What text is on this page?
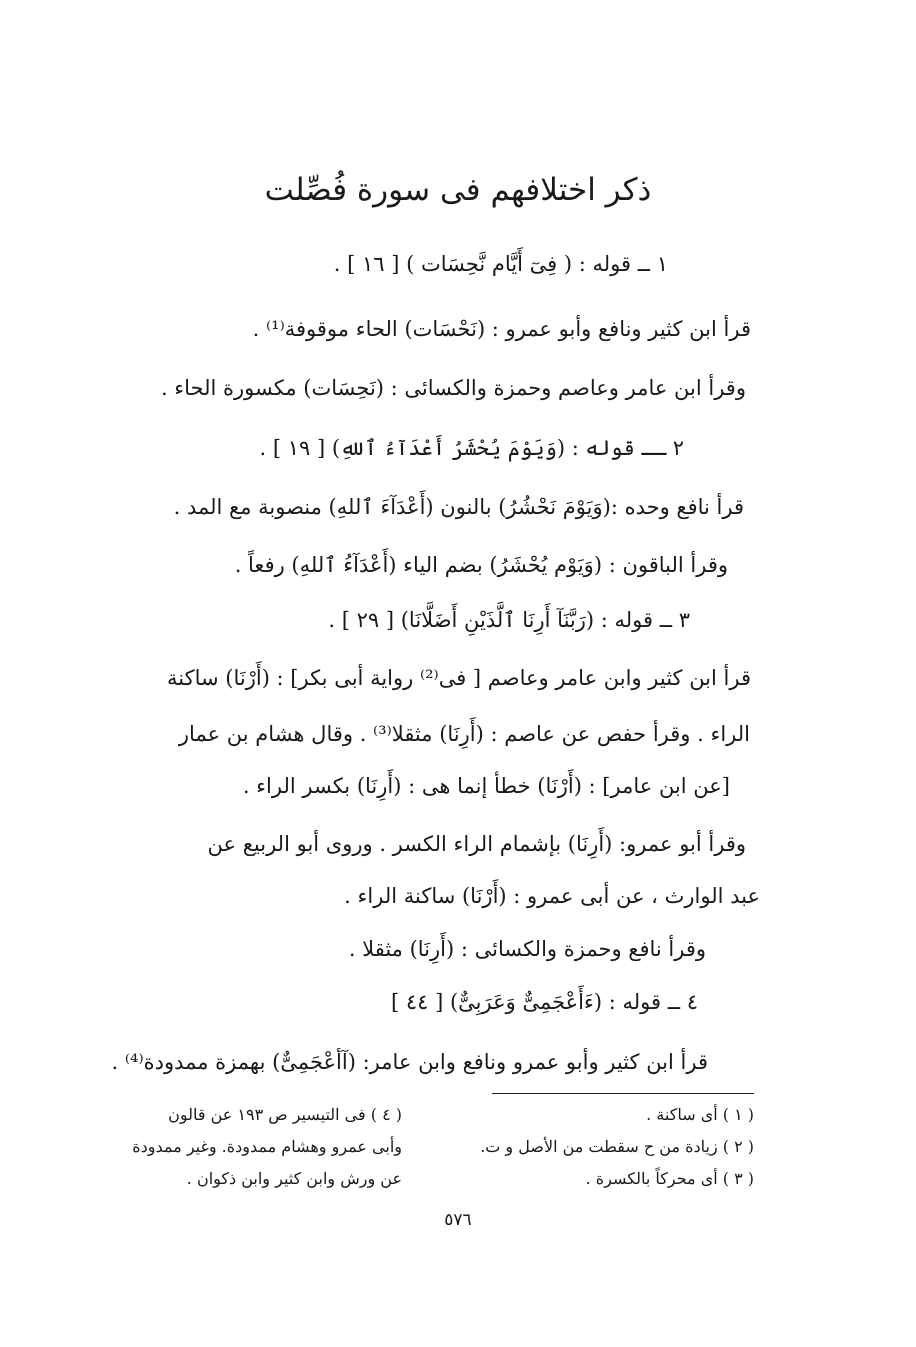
ذكر اختلافهم فى سورة فُصِّلت
١ ــ قوله : ( فِىٓ أَيَّام نَّحِسَات ) [ ١٦ ] .
قرأ ابن كثير ونافع وأبو عمرو : (نَحْسَات) الحاء موقوفة⁽¹⁾ .
وقرأ ابن عامر وعاصم وحمزة والكسائى : (نَحِسَات) مكسورة الحاء .
٢ ــ قوله : (وَيَوْمَ يُحْشَرُ أَعْدَآءُ ٱللهِ) [ ١٩ ] .
قرأ نافع وحده :(وَيَوْمَ نَحْشُرُ) بالنون (أَعْدَآءَ ٱللهِ) منصوبة مع المد .
وقرأ الباقون : (وَيَوْم يُحْشَرُ) بضم الياء (أَعْدَآءُ ٱللهِ) رفعاً .
٣ ــ قوله : (رَبَّنَآ أَرِنَا ٱلَّذَيْنِ أَضَلَّانَا) [ ٢٩ ] .
قرأ ابن كثير وابن عامر وعاصم [ فى⁽²⁾ رواية أبى بكر] : (أَرْنَا) ساكنة
الراء . وقرأ حفص عن عاصم : (أَرِنَا) مثقلا⁽³⁾ . وقال هشام بن عمار
[عن ابن عامر] : (أَرْنَا) خطأ إنما هى : (أَرِنَا) بكسر الراء .
وقرأ أبو عمرو: (أَرِنَا) بإشمام الراء الكسر . وروى أبو الربيع عن
عبد الوارث ، عن أبى عمرو : (أَرْنَا) ساكنة الراء .
وقرأ نافع وحمزة والكسائى : (أَرِنَا) مثقلا .
٤ ــ قوله : (ءَأَعْجَمِىٌّ وَعَرَبِىٌّ) [ ٤٤ ]
قرأ ابن كثير وأبو عمرو ونافع وابن عامر: (آأعْجَمِىٌّ) بهمزة ممدودة⁽⁴⁾ .
( ١ ) أى ساكنة .
( ٢ ) زيادة من ح سقطت من الأصل و ت.
( ٣ ) أى محركاً بالكسرة .
( ٤ ) فى التيسير ص ١٩٣ عن قالون
وأبى عمرو وهشام ممدودة. وغير ممدودة
عن ورش وابن كثير وابن ذكوان .
٥٧٦
